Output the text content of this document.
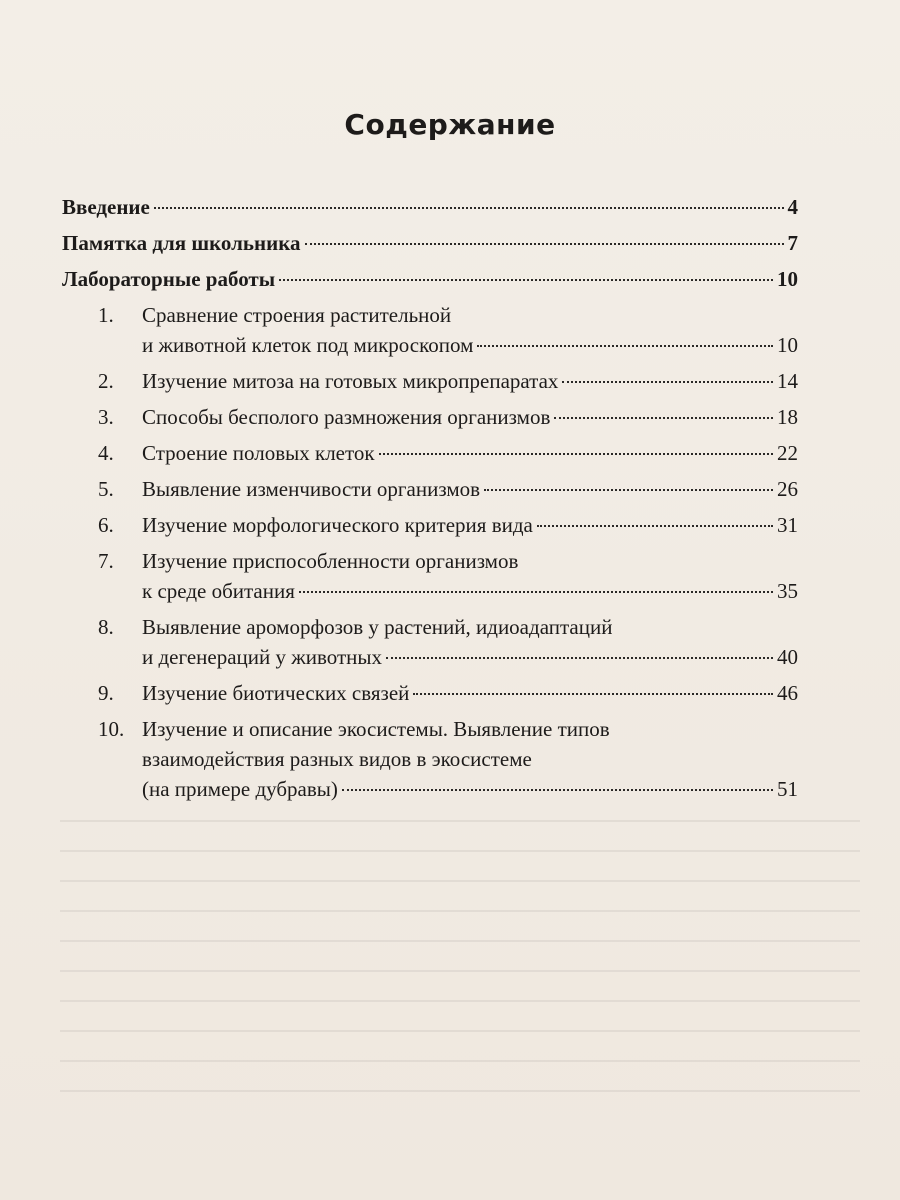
Содержание
Введение	4
Памятка для школьника	7
Лабораторные работы	10
1. Сравнение строения растительной
и животной клеток под микроскопом	10
2. Изучение митоза на готовых микропрепаратах	14
3. Способы бесполого размножения организмов	18
4. Строение половых клеток	22
5. Выявление изменчивости организмов	26
6. Изучение морфологического критерия вида	31
7. Изучение приспособленности организмов
к среде обитания	35
8. Выявление ароморфозов у растений, идиоадаптаций
и дегенераций у животных	40
9. Изучение биотических связей	46
10. Изучение и описание экосистемы. Выявление типов
взаимодействия разных видов в экосистеме
(на примере дубравы)	51
